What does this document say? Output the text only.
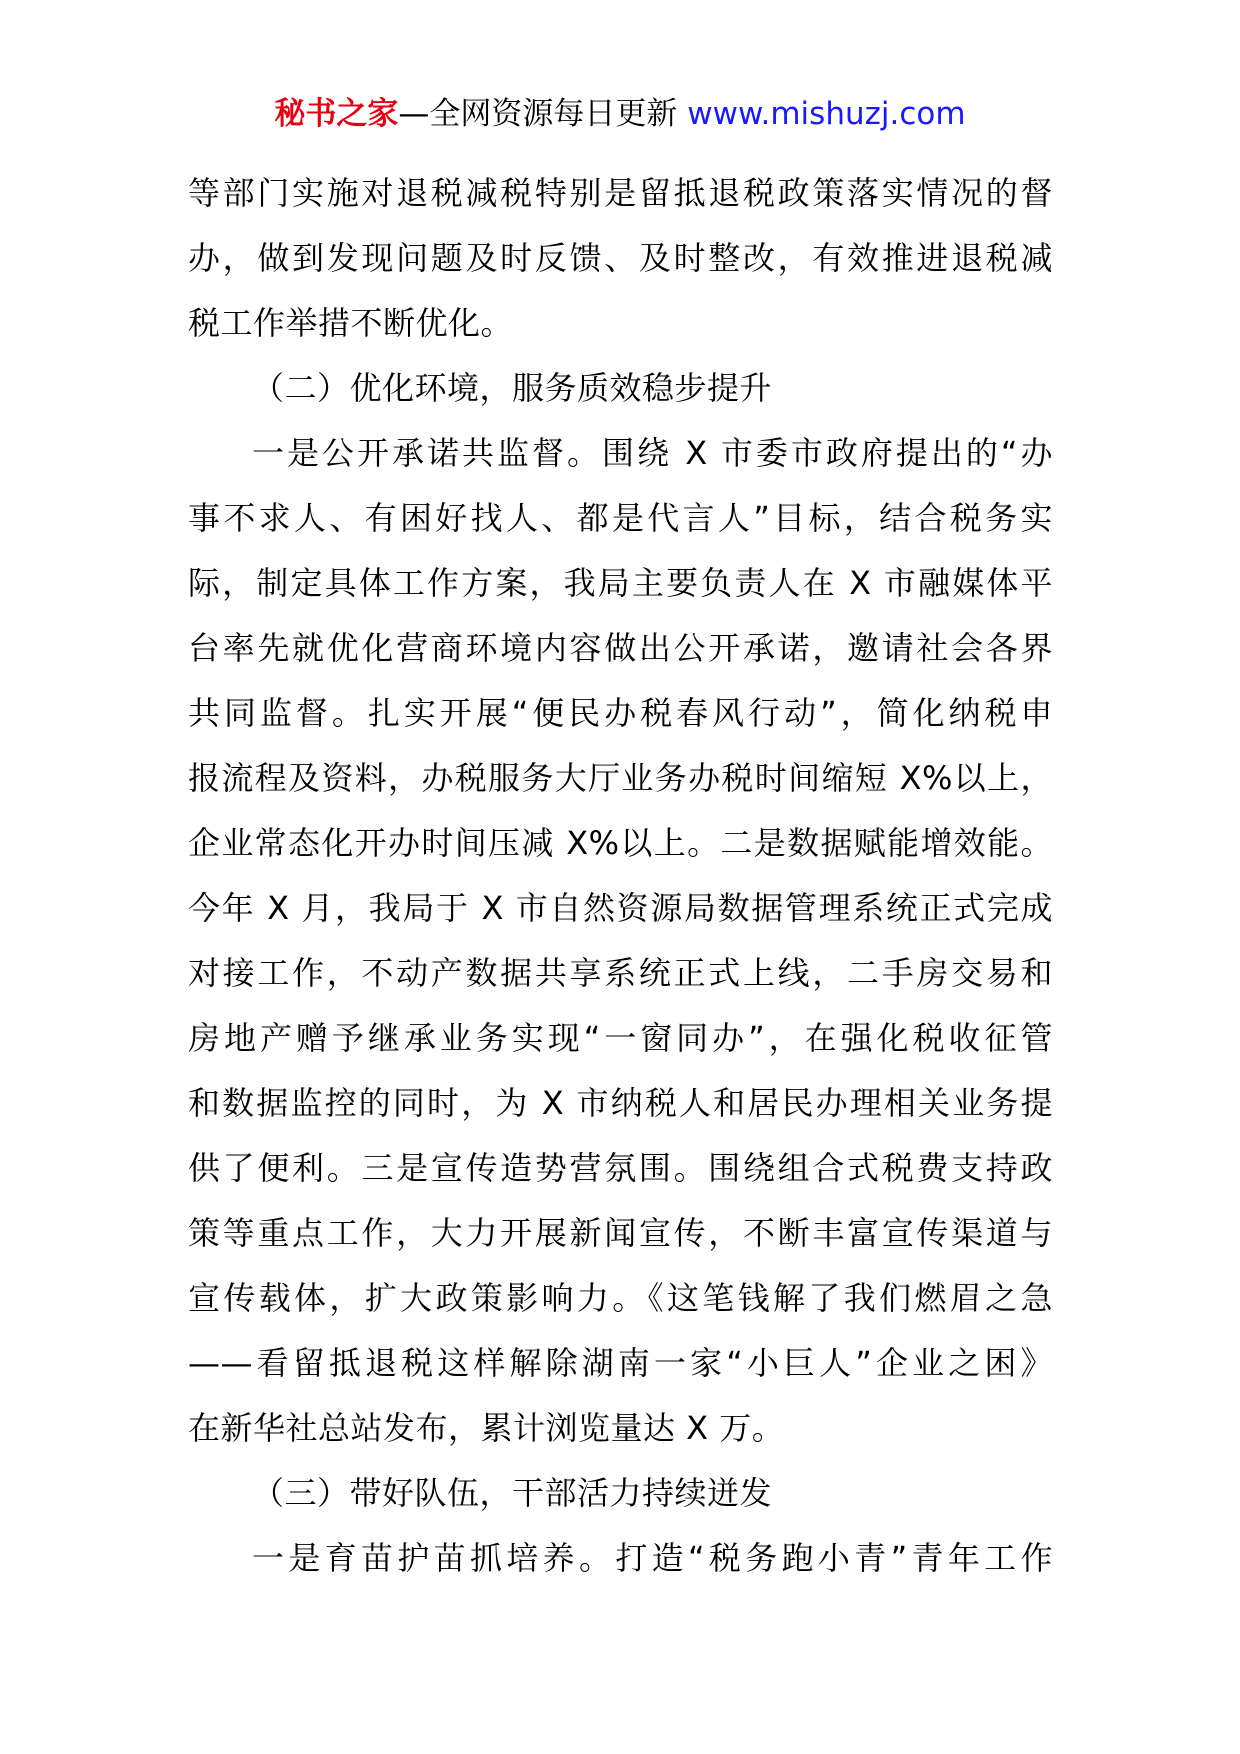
秘书之家—全网资源每日更新 www.mishuzj.com
等部门实施对退税减税特别是留抵退税政策落实情况的督
办，做到发现问题及时反馈、及时整改，有效推进退税减
税工作举措不断优化。
（二）优化环境，服务质效稳步提升
一是公开承诺共监督。围绕 X 市委市政府提出的“办
事不求人、有困好找人、都是代言人”目标，结合税务实
际，制定具体工作方案，我局主要负责人在 X 市融媒体平
台率先就优化营商环境内容做出公开承诺，邀请社会各界
共同监督。扎实开展“便民办税春风行动”，简化纳税申
报流程及资料，办税服务大厅业务办税时间缩短 X%以上，
企业常态化开办时间压减 X%以上。二是数据赋能增效能。
今年 X 月，我局于 X 市自然资源局数据管理系统正式完成
对接工作，不动产数据共享系统正式上线，二手房交易和
房地产赠予继承业务实现“一窗同办”，在强化税收征管
和数据监控的同时，为 X 市纳税人和居民办理相关业务提
供了便利。三是宣传造势营氛围。围绕组合式税费支持政
策等重点工作，大力开展新闻宣传，不断丰富宣传渠道与
宣传载体，扩大政策影响力。《这笔钱解了我们燃眉之急
——看留抵退税这样解除湖南一家“小巨人”企业之困》
在新华社总站发布，累计浏览量达 X 万。
（三）带好队伍，干部活力持续迸发
一是育苗护苗抓培养。打造“税务跑小青”青年工作
